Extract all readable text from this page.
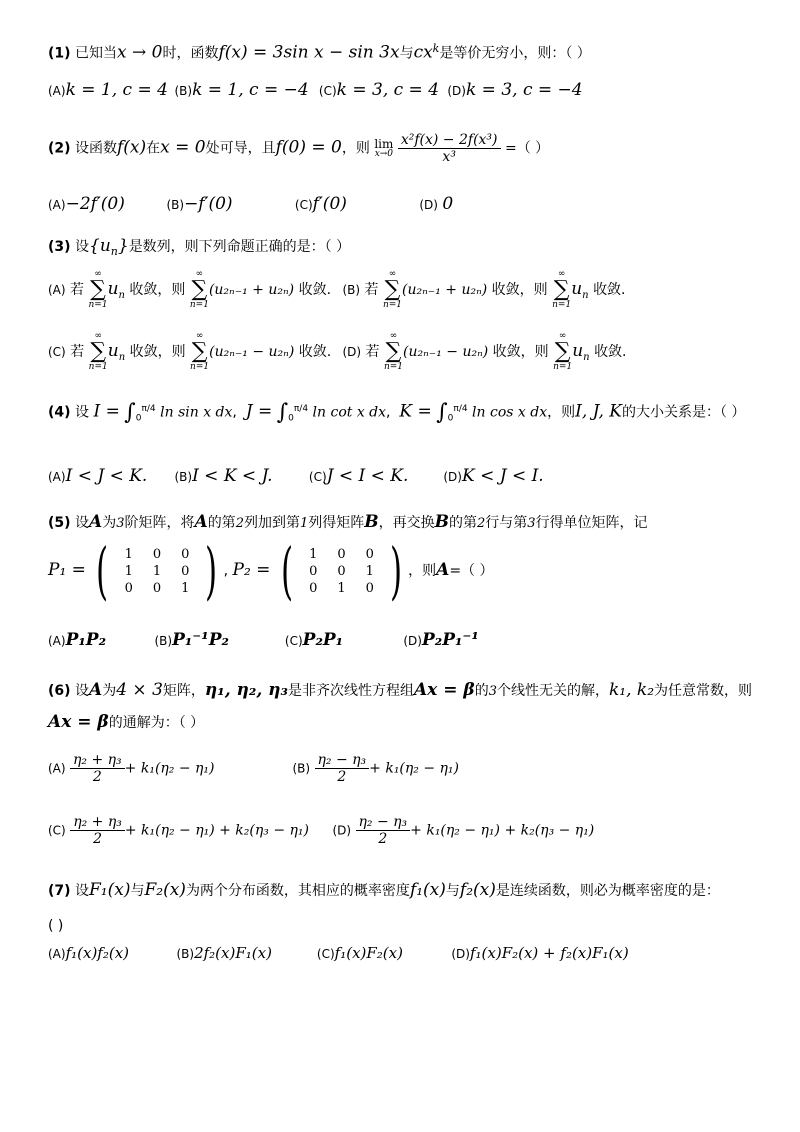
(1) 已知当x → 0时，函数f(x) = 3sin x − sin 3x与$cx^k$是等价无穷小，则：（ ）
(A)k = 1, c = 4 (B)k = 1, c = −4 (C)k = 3, c = 4 (D)k = 3, c = −4
(2) 设函数f(x)在x = 0处可导，且f(0) = 0，则 lim
x→0
$\frac{\text{x²f(x) − 2f(x³)}}{\text{x³}}$ =（ ）
(A)−2f′(0)	(B)−f′(0)	(C)f′(0)	(D) 0
(3) 设$\{u_n\}$是数列，则下列命题正确的是：（ ）
(A) 若
∞
∑
n=1
$u_n$ 收敛，则
∞
∑
n=1
(u₂ₙ₋₁ + u₂ₙ) 收敛. (B) 若
∞
∑
n=1
(u₂ₙ₋₁ + u₂ₙ) 收敛，则
∞
∑
n=1
$u_n$ 收敛.
(C) 若
∞
∑
n=1
$u_n$ 收敛，则
∞
∑
n=1
(u₂ₙ₋₁ − u₂ₙ) 收敛. (D) 若
∞
∑
n=1
(u₂ₙ₋₁ − u₂ₙ) 收敛，则
∞
∑
n=1
$u_n$ 收敛.
(4) 设 $I = \int_0^{\pi/4}$ ln sin x dx,  $J = \int_0^{\pi/4}$ ln cot x dx,  $K = \int_0^{\pi/4}$ ln cos x dx，则I, J, K的大小关系是：（ ）
(A)I < J < K. (B)I < K < J.	(C)J < I < K.	(D)K < J < I.
(5) 设A为3阶矩阵，将A的第2列加到第1列得矩阵B，再交换B的第2行与第3行得单位矩阵，记
P₁ = ( 1	0	0
1	1	0
0	0	1 ) , P₂ = ( 1	0	0
0	0	1
0	1	0 ) ，则A=（ ）
(A)P₁P₂	(B)P₁⁻¹P₂	(C)P₂P₁	(D)P₂P₁⁻¹
(6) 设A为4 × 3矩阵，η₁, η₂, η₃是非齐次线性方程组Ax = β的3个线性无关的解，k₁, k₂为任意常数，则
Ax = β的通解为：（ ）
$(A) \frac{\text{η₂ + η₃}}{2} + k_1(\eta_2 - \eta_1)$	$(B) \frac{\text{η₂ − η₃}}{2} + k_1(\eta_2 - \eta_1)$
$(C) \frac{\text{η₂ + η₃}}{2} + k_1(\eta_2 - \eta_1) + k_2(\eta_3 - \eta_1)$ $(D) \frac{\text{η₂ − η₃}}{2} + k_1(\eta_2 - \eta_1) + k_2(\eta_3 - \eta_1)$
(7) 设F₁(x)与F₂(x)为两个分布函数，其相应的概率密度f₁(x)与f₂(x)是连续函数，则必为概率密度的是：
( )
(A)f₁(x)f₂(x)	(B)2f₂(x)F₁(x)	(C)f₁(x)F₂(x)	(D)f₁(x)F₂(x) + f₂(x)F₁(x)
